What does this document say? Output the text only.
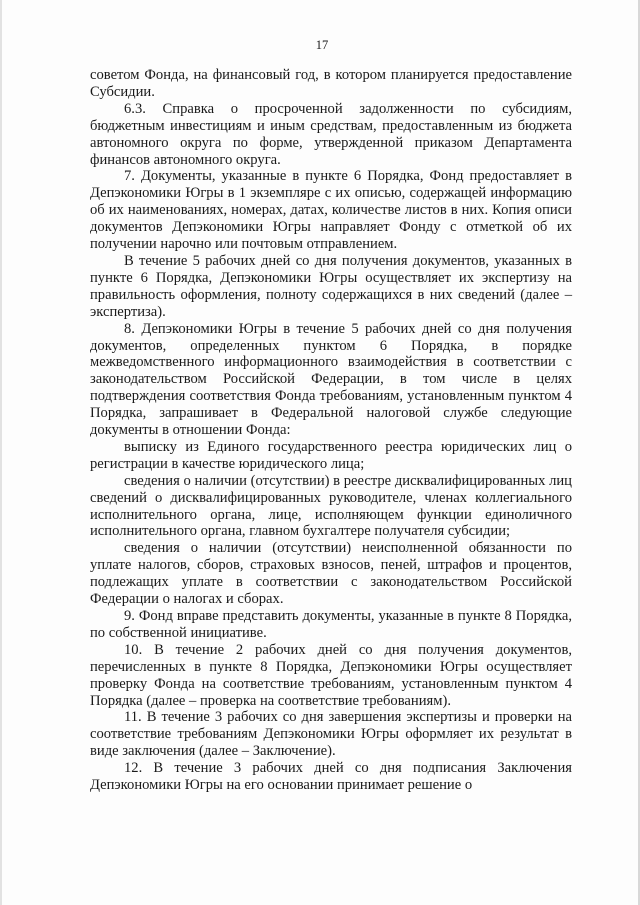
17

советом Фонда, на финансовый год, в котором планируется предоставление Субсидии.

6.3. Справка о просроченной задолженности по субсидиям, бюджетным инвестициям и иным средствам, предоставленным из бюджета автономного округа по форме, утвержденной приказом Департамента финансов автономного округа.

7. Документы, указанные в пункте 6 Порядка, Фонд предоставляет в Депэкономики Югры в 1 экземпляре с их описью, содержащей информацию об их наименованиях, номерах, датах, количестве листов в них. Копия описи документов Депэкономики Югры направляет Фонду с отметкой об их получении нарочно или почтовым отправлением.

В течение 5 рабочих дней со дня получения документов, указанных в пункте 6 Порядка, Депэкономики Югры осуществляет их экспертизу на правильность оформления, полноту содержащихся в них сведений (далее – экспертиза).

8. Депэкономики Югры в течение 5 рабочих дней со дня получения документов, определенных пунктом 6 Порядка, в порядке межведомственного информационного взаимодействия в соответствии с законодательством Российской Федерации, в том числе в целях подтверждения соответствия Фонда требованиям, установленным пунктом 4 Порядка, запрашивает в Федеральной налоговой службе следующие документы в отношении Фонда:

выписку из Единого государственного реестра юридических лиц о регистрации в качестве юридического лица;

сведения о наличии (отсутствии) в реестре дисквалифицированных лиц сведений о дисквалифицированных руководителе, членах коллегиального исполнительного органа, лице, исполняющем функции единоличного исполнительного органа, главном бухгалтере получателя субсидии;

сведения о наличии (отсутствии) неисполненной обязанности по уплате налогов, сборов, страховых взносов, пеней, штрафов и процентов, подлежащих уплате в соответствии с законодательством Российской Федерации о налогах и сборах.

9. Фонд вправе представить документы, указанные в пункте 8 Порядка, по собственной инициативе.

10. В течение 2 рабочих дней со дня получения документов, перечисленных в пункте 8 Порядка, Депэкономики Югры осуществляет проверку Фонда на соответствие требованиям, установленным пунктом 4 Порядка (далее – проверка на соответствие требованиям).

11. В течение 3 рабочих со дня завершения экспертизы и проверки на соответствие требованиям Депэкономики Югры оформляет их результат в виде заключения (далее – Заключение).

12. В течение 3 рабочих дней со дня подписания Заключения Депэкономики Югры на его основании принимает решение о
